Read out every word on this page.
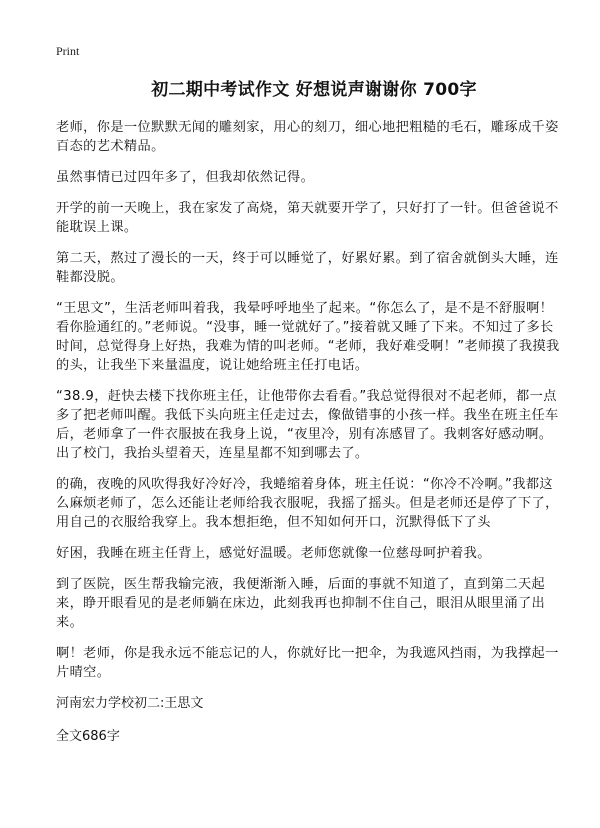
Print
初二期中考试作文 好想说声谢谢你 700字
老师，你是一位默默无闻的雕刻家，用心的刻刀，细心地把粗糙的毛石，雕琢成千姿百态的艺术精品。
虽然事情已过四年多了，但我却依然记得。
开学的前一天晚上，我在家发了高烧，第天就要开学了，只好打了一针。但爸爸说不能耽误上课。
第二天，熬过了漫长的一天，终于可以睡觉了，好累好累。到了宿舍就倒头大睡，连鞋都没脱。
“王思文”，生活老师叫着我，我晕呼呼地坐了起来。“你怎么了，是不是不舒服啊！看你脸通红的。”老师说。“没事，睡一觉就好了。”接着就又睡了下来。不知过了多长时间，总觉得身上好热，我难为情的叫老师。“老师，我好难受啊！”老师摸了我摸我的头，让我坐下来量温度，说让她给班主任打电话。
“38.9，赶快去楼下找你班主任，让他带你去看看。”我总觉得很对不起老师，都一点多了把老师叫醒。我低下头向班主任走过去，像做错事的小孩一样。我坐在班主任车后，老师拿了一件衣服披在我身上说，“夜里冷，别有冻感冒了。我刺客好感动啊。出了校门，我抬头望着天，连星星都不知到哪去了。
的确，夜晚的风吹得我好冷好冷，我蜷缩着身体，班主任说：“你冷不冷啊。”我都这么麻烦老师了，怎么还能让老师给我衣服呢，我摇了摇头。但是老师还是停了下了，用自己的衣服给我穿上。我本想拒绝，但不知如何开口，沉默得低下了头
好困，我睡在班主任背上，感觉好温暖。老师您就像一位慈母呵护着我。
到了医院，医生帮我输完液，我便渐渐入睡，后面的事就不知道了，直到第二天起来，睁开眼看见的是老师躺在床边，此刻我再也抑制不住自己，眼泪从眼里涌了出来。
啊！老师，你是我永远不能忘记的人，你就好比一把伞，为我遮风挡雨，为我撑起一片晴空。
河南宏力学校初二:王思文
全文686字
